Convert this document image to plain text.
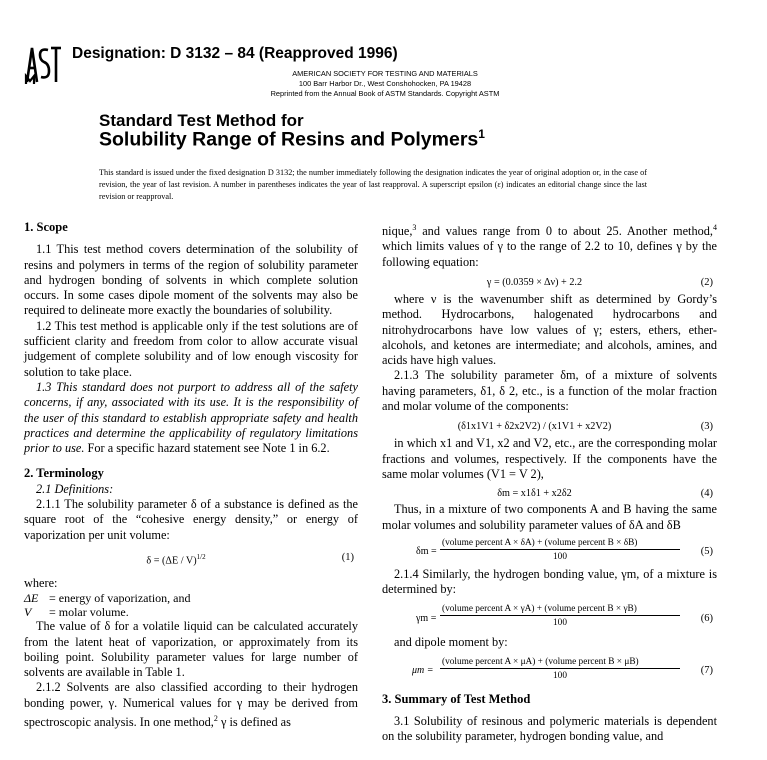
Designation: D 3132 – 84 (Reapproved 1996)
AMERICAN SOCIETY FOR TESTING AND MATERIALS
100 Barr Harbor Dr., West Conshohocken, PA 19428
Reprinted from the Annual Book of ASTM Standards. Copyright ASTM
Standard Test Method for
Solubility Range of Resins and Polymers$^1$
This standard is issued under the fixed designation D 3132; the number immediately following the designation indicates the year of original adoption or, in the case of revision, the year of last revision. A number in parentheses indicates the year of last reapproval. A superscript epsilon (ε) indicates an editorial change since the last revision or reapproval.

1. Scope

1.1 This test method covers determination of the solubility of resins and polymers in terms of the region of solubility parameter and hydrogen bonding of solvents in which complete solution occurs. In some cases dipole moment of the solvents may also be required to delineate more exactly the boundaries of solubility.

1.2 This test method is applicable only if the test solutions are of sufficient clarity and freedom from color to allow accurate visual judgement of complete solubility and of low enough viscosity for solution to take place.

1.3 This standard does not purport to address all of the safety concerns, if any, associated with its use. It is the responsibility of the user of this standard to establish appropriate safety and health practices and determine the applicability of regulatory limitations prior to use. For a specific hazard statement see Note 1 in 6.2.

2. Terminology

2.1 Definitions:

2.1.1 The solubility parameter δ of a substance is defined as the square root of the “cohesive energy density,” or energy of vaporization per unit volume:

δ = (ΔE / V)$^{1/2}$	(1)

where:

ΔE = energy of vaporization, and
V = molar volume.

The value of δ for a volatile liquid can be calculated accurately from the latent heat of vaporization, or approximately from its boiling point. Solubility parameter values for large number of solvents are available in Table 1.

2.1.2 Solvents are also classified according to their hydrogen bonding power, γ. Numerical values for γ may be derived from spectroscopic analysis. In one method,$^2$ γ is defined as

nique,$^3$ and values range from 0 to about 25. Another method,$^4$ which limits values of γ to the range of 2.2 to 10, defines γ by the following equation:

γ = (0.0359 × Δν) + 2.2	(2)

where ν is the wavenumber shift as determined by Gordy’s method. Hydrocarbons, halogenated hydrocarbons and nitrohydrocarbons have low values of γ; esters, ethers, ether-alcohols, and ketones are intermediate; and alcohols, amines, and acids have high values.

2.1.3 The solubility parameter δm, of a mixture of solvents having parameters, δ1, δ 2, etc., is a function of the molar fraction and molar volume of the components:

(δ1x1V1 + δ2x2V2) / (x1V1 + x2V2)	(3)

in which x1 and V1, x2 and V2, etc., are the corresponding molar fractions and volumes, respectively. If the components have the same molar volumes (V1 = V 2),

δm = x1δ1 + x2δ2	(4)

Thus, in a mixture of two components A and B having the same molar volumes and solubility parameter values of δA and δB

δm =
(volume percent A × δA) + (volume percent B × δB)
100	(5)

2.1.4 Similarly, the hydrogen bonding value, γm, of a mixture is determined by:

γm =
(volume percent A × γA) + (volume percent B × γB)
100	(6)

and dipole moment by:

μm =
(volume percent A × μA) + (volume percent B × μB)
100	(7)

3. Summary of Test Method

3.1 Solubility of resinous and polymeric materials is dependent on the solubility parameter, hydrogen bonding value, and
